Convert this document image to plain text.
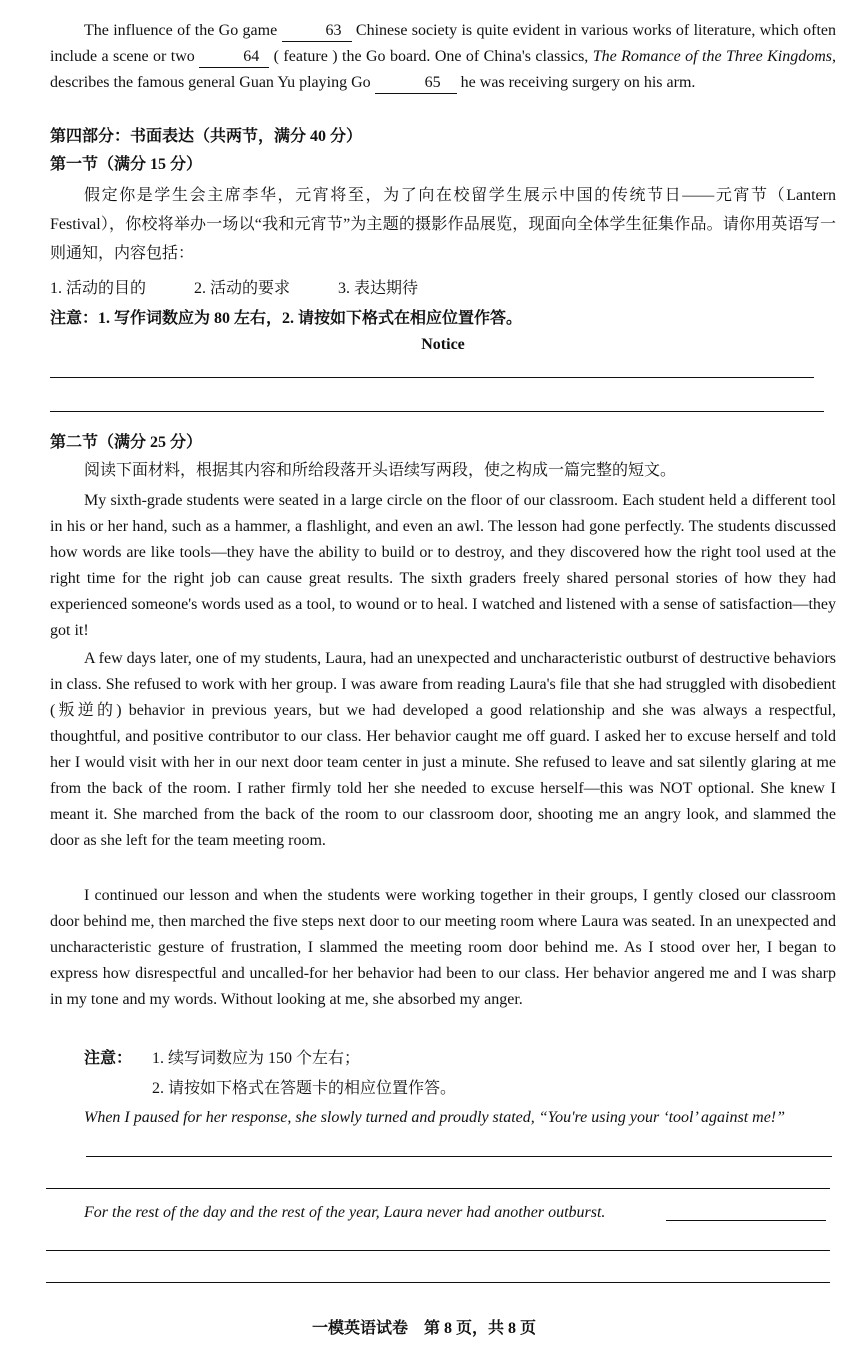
The influence of the Go game	63 Chinese society is quite evident in various works of literature, which often include a scene or two	64 ( feature ) the Go board. One of China's classics, The Romance of the Three Kingdoms, describes the famous general Guan Yu playing Go	65 he was receiving surgery on his arm.
第四部分：书面表达（共两节，满分 40 分）
第一节（满分 15 分）
假定你是学生会主席李华，元宵将至，为了向在校留学生展示中国的传统节日——元宵节（Lantern Festival），你校将举办一场以“我和元宵节”为主题的摄影作品展览，现面向全体学生征集作品。请你用英语写一则通知，内容包括：
1. 活动的目的	2. 活动的要求	3. 表达期待
注意：1. 写作词数应为 80 左右，2. 请按如下格式在相应位置作答。
Notice
第二节（满分 25 分）
阅读下面材料，根据其内容和所给段落开头语续写两段，使之构成一篇完整的短文。
My sixth-grade students were seated in a large circle on the floor of our classroom. Each student held a different tool in his or her hand, such as a hammer, a flashlight, and even an awl. The lesson had gone perfectly. The students discussed how words are like tools—they have the ability to build or to destroy, and they discovered how the right tool used at the right time for the right job can cause great results. The sixth graders freely shared personal stories of how they had experienced someone's words used as a tool, to wound or to heal. I watched and listened with a sense of satisfaction—they got it!
A few days later, one of my students, Laura, had an unexpected and uncharacteristic outburst of destructive behaviors in class. She refused to work with her group. I was aware from reading Laura's file that she had struggled with disobedient (叛逆的) behavior in previous years, but we had developed a good relationship and she was always a respectful, thoughtful, and positive contributor to our class. Her behavior caught me off guard. I asked her to excuse herself and told her I would visit with her in our next door team center in just a minute. She refused to leave and sat silently glaring at me from the back of the room. I rather firmly told her she needed to excuse herself—this was NOT optional. She knew I meant it. She marched from the back of the room to our classroom door, shooting me an angry look, and slammed the door as she left for the team meeting room.
I continued our lesson and when the students were working together in their groups, I gently closed our classroom door behind me, then marched the five steps next door to our meeting room where Laura was seated. In an unexpected and uncharacteristic gesture of frustration, I slammed the meeting room door behind me. As I stood over her, I began to express how disrespectful and uncalled-for her behavior had been to our class. Her behavior angered me and I was sharp in my tone and my words. Without looking at me, she absorbed my anger.
注意： 1. 续写词数应为 150 个左右；
2. 请按如下格式在答题卡的相应位置作答。
When I paused for her response, she slowly turned and proudly stated, “You're using your ‘tool’ against me!”
For the rest of the day and the rest of the year, Laura never had another outburst.
一模英语试卷　第 8 页，共 8 页
